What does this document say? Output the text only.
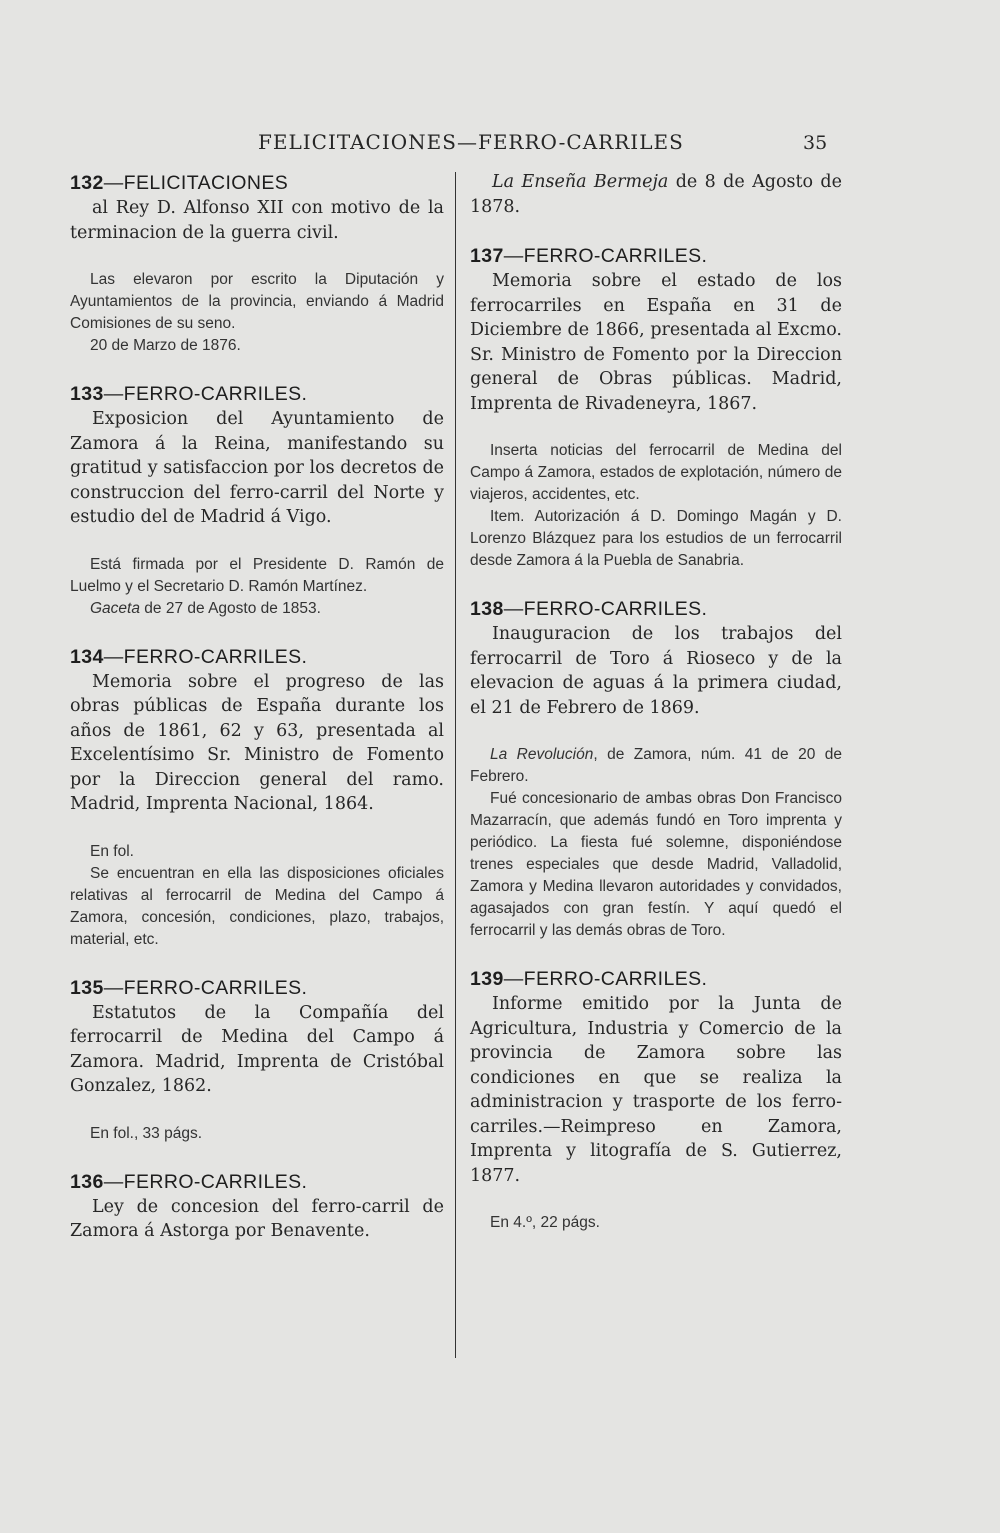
FELICITACIONES—FERRO-CARRILES	35

132—FELICITACIONES

al Rey D. Alfonso XII con motivo de la terminacion de la guerra civil.

Las elevaron por escrito la Diputación y Ayuntamientos de la provincia, enviando á Madrid Comisiones de su seno.

20 de Marzo de 1876.

133—FERRO-CARRILES.

Exposicion del Ayuntamiento de Zamora á la Reina, manifestando su gratitud y satisfaccion por los decretos de construccion del ferro-carril del Norte y estudio del de Madrid á Vigo.

Está firmada por el Presidente D. Ramón de Luelmo y el Secretario D. Ramón Martínez.

Gaceta de 27 de Agosto de 1853.

134—FERRO-CARRILES.

Memoria sobre el progreso de las obras públicas de España durante los años de 1861, 62 y 63, presentada al Excelentísimo Sr. Ministro de Fomento por la Direccion general del ramo. Madrid, Imprenta Nacional, 1864.

En fol.

Se encuentran en ella las disposiciones oficiales relativas al ferrocarril de Medina del Campo á Zamora, concesión, condiciones, plazo, trabajos, material, etc.

135—FERRO-CARRILES.

Estatutos de la Compañía del ferrocarril de Medina del Campo á Zamora. Madrid, Imprenta de Cristóbal Gonzalez, 1862.

En fol., 33 págs.

136—FERRO-CARRILES.

Ley de concesion del ferro-carril de Zamora á Astorga por Benavente.

La Enseña Bermeja de 8 de Agosto de 1878.

137—FERRO-CARRILES.

Memoria sobre el estado de los ferrocarriles en España en 31 de Diciembre de 1866, presentada al Excmo. Sr. Ministro de Fomento por la Direccion general de Obras públicas. Madrid, Imprenta de Rivadeneyra, 1867.

Inserta noticias del ferrocarril de Medina del Campo á Zamora, estados de explotación, número de viajeros, accidentes, etc.

Item. Autorización á D. Domingo Magán y D. Lorenzo Blázquez para los estudios de un ferrocarril desde Zamora á la Puebla de Sanabria.

138—FERRO-CARRILES.

Inauguracion de los trabajos del ferrocarril de Toro á Rioseco y de la elevacion de aguas á la primera ciudad, el 21 de Febrero de 1869.

La Revolución, de Zamora, núm. 41 de 20 de Febrero.

Fué concesionario de ambas obras Don Francisco Mazarracín, que además fundó en Toro imprenta y periódico. La fiesta fué solemne, disponiéndose trenes especiales que desde Madrid, Valladolid, Zamora y Medina llevaron autoridades y convidados, agasajados con gran festín. Y aquí quedó el ferrocarril y las demás obras de Toro.

139—FERRO-CARRILES.

Informe emitido por la Junta de Agricultura, Industria y Comercio de la provincia de Zamora sobre las condiciones en que se realiza la administracion y trasporte de los ferro-carriles.—Reimpreso en Zamora, Imprenta y litografía de S. Gutierrez, 1877.

En 4.º, 22 págs.
